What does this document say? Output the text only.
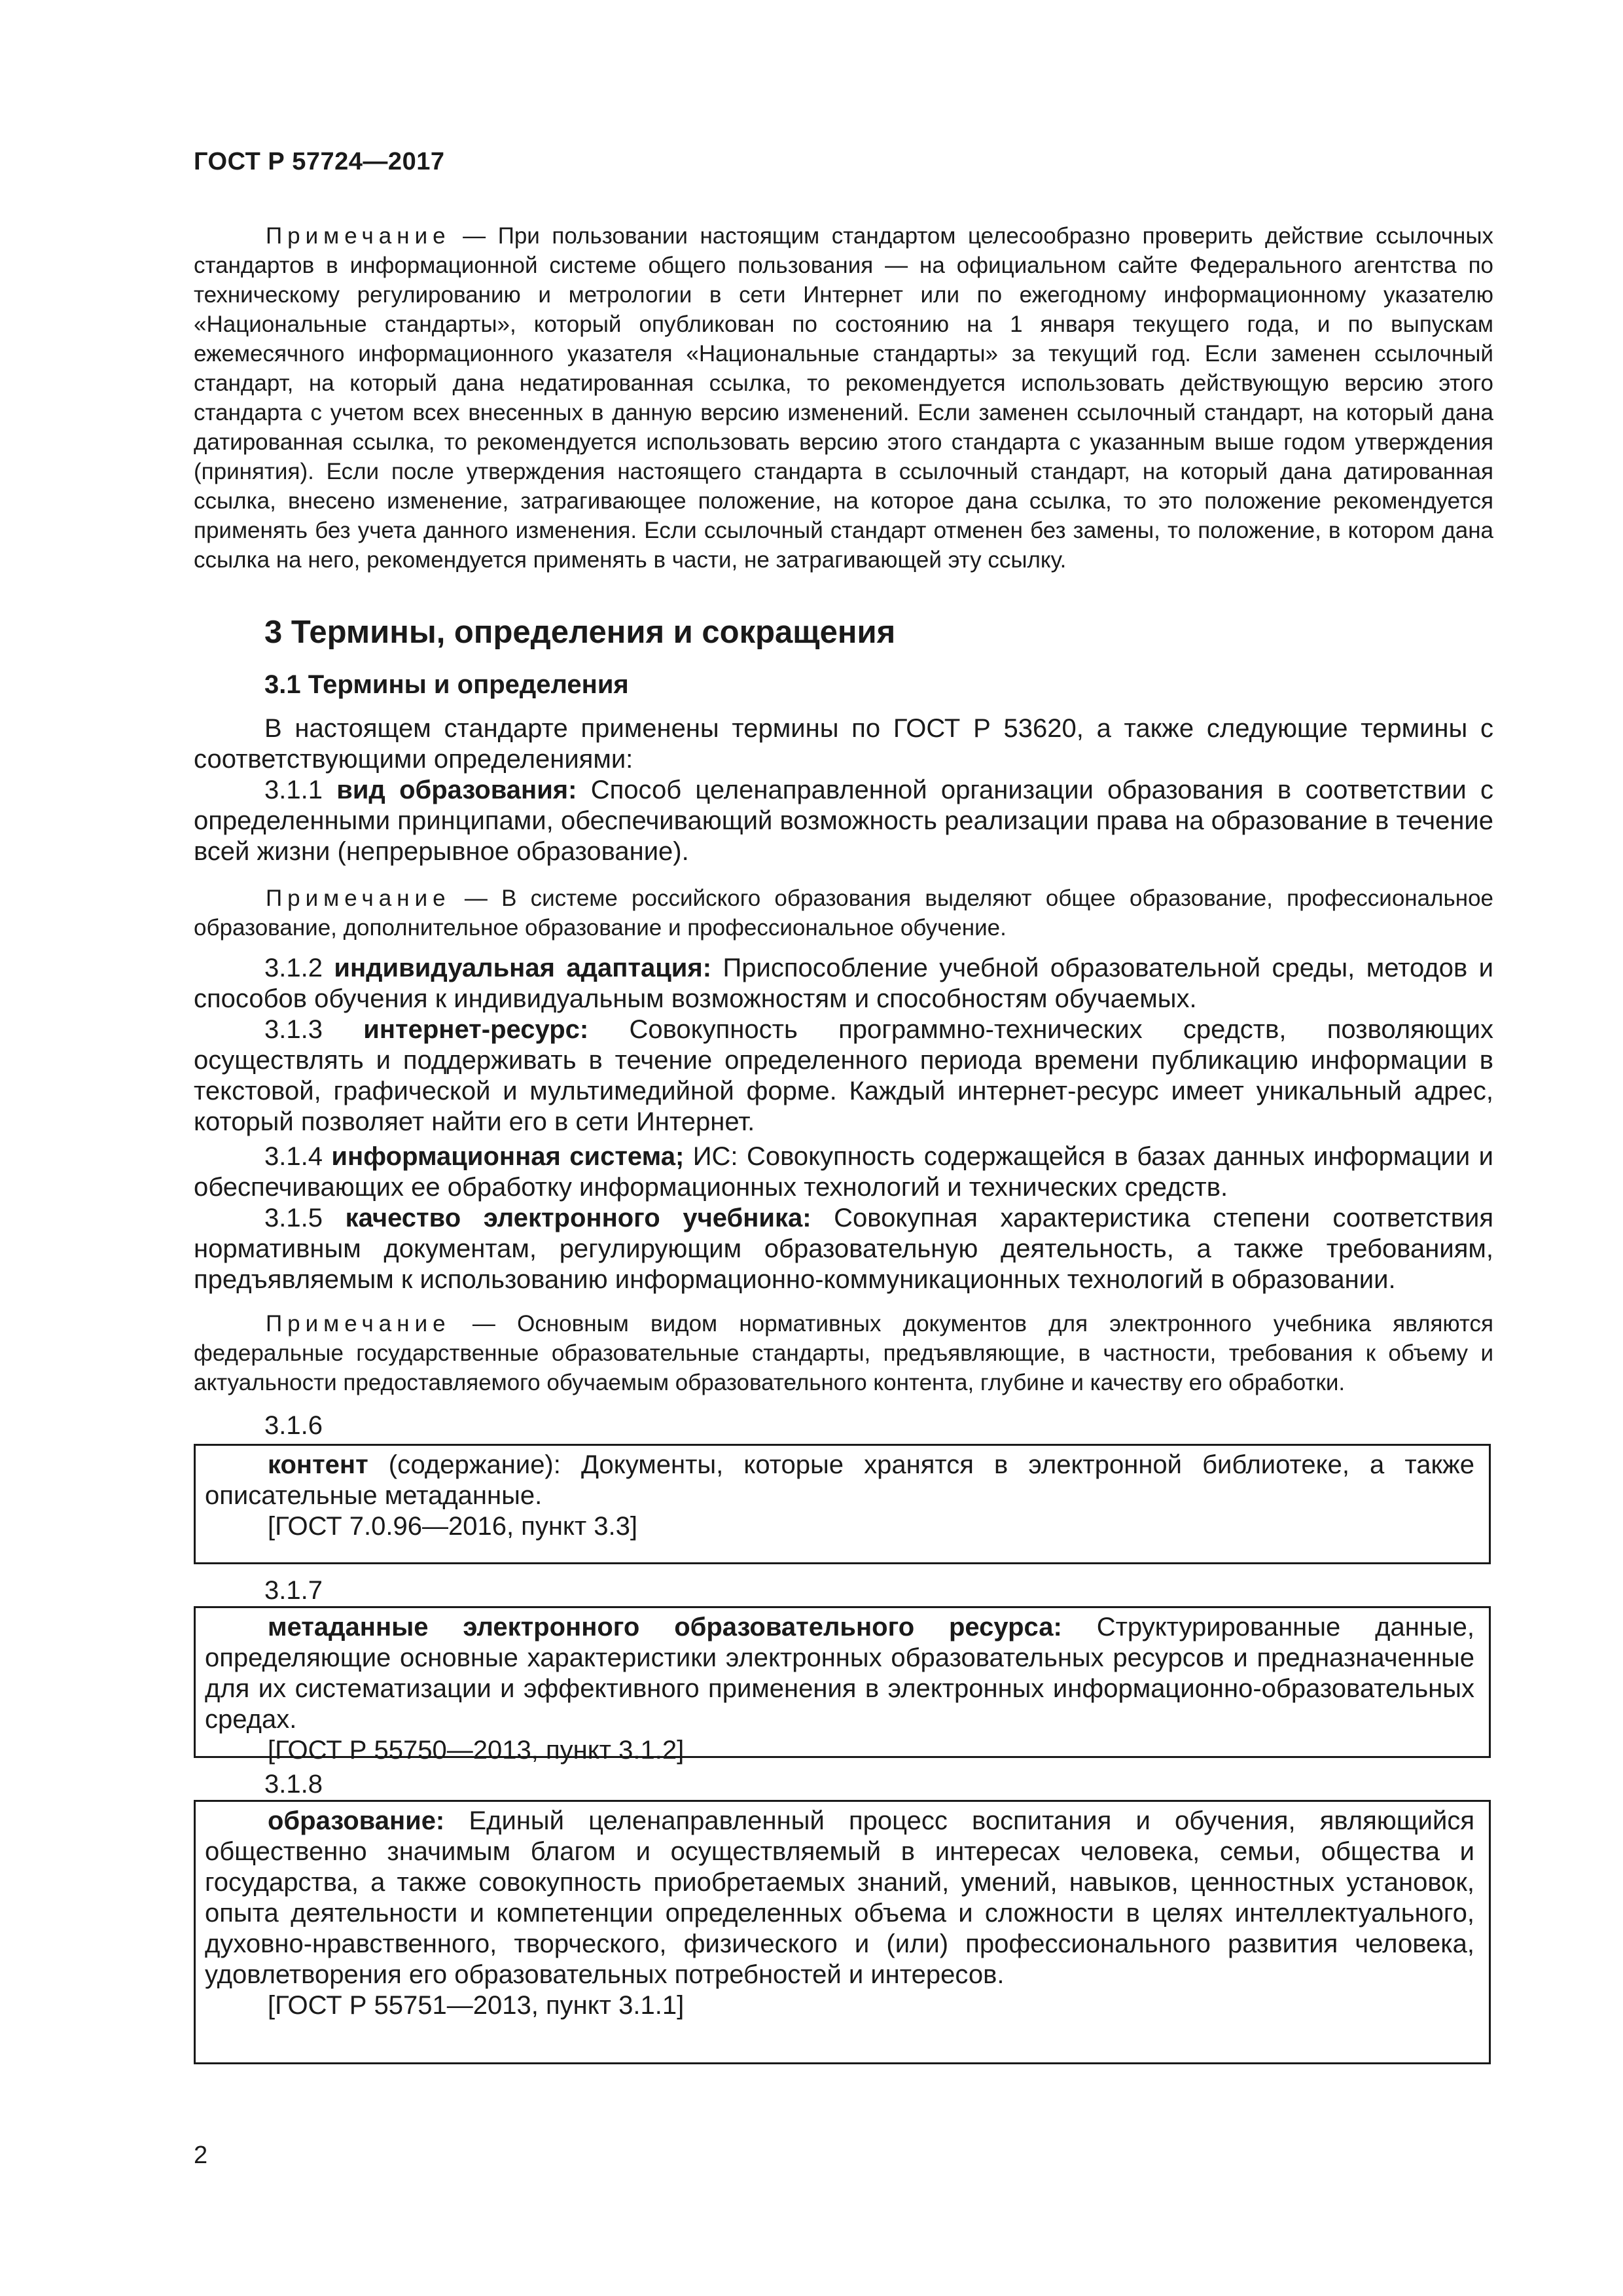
ГОСТ Р 57724—2017

Примечание — При пользовании настоящим стандартом целесообразно проверить действие ссылочных стандартов в информационной системе общего пользования — на официальном сайте Федерального агентства по техническому регулированию и метрологии в сети Интернет или по ежегодному информационному указателю «Национальные стандарты», который опубликован по состоянию на 1 января текущего года, и по выпускам ежемесячного информационного указателя «Национальные стандарты» за текущий год. Если заменен ссылочный стандарт, на который дана недатированная ссылка, то рекомендуется использовать действующую версию этого стандарта с учетом всех внесенных в данную версию изменений. Если заменен ссылочный стандарт, на который дана датированная ссылка, то рекомендуется использовать версию этого стандарта с указанным выше годом утверждения (принятия). Если после утверждения настоящего стандарта в ссылочный стандарт, на который дана датированная ссылка, внесено изменение, затрагивающее положение, на которое дана ссылка, то это положение рекомендуется применять без учета данного изменения. Если ссылочный стандарт отменен без замены, то положение, в котором дана ссылка на него, рекомендуется применять в части, не затрагивающей эту ссылку.

3 Термины, определения и сокращения
3.1 Термины и определения

В настоящем стандарте применены термины по ГОСТ Р 53620, а также следующие термины с соответствующими определениями:

3.1.1 вид образования: Способ целенаправленной организации образования в соответствии с определенными принципами, обеспечивающий возможность реализации права на образование в течение всей жизни (непрерывное образование).

Примечание — В системе российского образования выделяют общее образование, профессиональное образование, дополнительное образование и профессиональное обучение.

3.1.2 индивидуальная адаптация: Приспособление учебной образовательной среды, методов и способов обучения к индивидуальным возможностям и способностям обучаемых.

3.1.3 интернет-ресурс: Совокупность программно-технических средств, позволяющих осуществлять и поддерживать в течение определенного периода времени публикацию информации в текстовой, графической и мультимедийной форме. Каждый интернет-ресурс имеет уникальный адрес, который позволяет найти его в сети Интернет.

3.1.4 информационная система; ИС: Совокупность содержащейся в базах данных информации и обеспечивающих ее обработку информационных технологий и технических средств.

3.1.5 качество электронного учебника: Совокупная характеристика степени соответствия нормативным документам, регулирующим образовательную деятельность, а также требованиям, предъявляемым к использованию информационно-коммуникационных технологий в образовании.

Примечание — Основным видом нормативных документов для электронного учебника являются федеральные государственные образовательные стандарты, предъявляющие, в частности, требования к объему и актуальности предоставляемого обучаемым образовательного контента, глубине и качеству его обработки.

3.1.6

контент (содержание): Документы, которые хранятся в электронной библиотеке, а также описательные метаданные.

[ГОСТ 7.0.96—2016, пункт 3.3]

3.1.7

метаданные электронного образовательного ресурса: Структурированные данные, определяющие основные характеристики электронных образовательных ресурсов и предназначенные для их систематизации и эффективного применения в электронных информационно-образовательных средах.

[ГОСТ Р 55750—2013, пункт 3.1.2]

3.1.8

образование: Единый целенаправленный процесс воспитания и обучения, являющийся общественно значимым благом и осуществляемый в интересах человека, семьи, общества и государства, а также совокупность приобретаемых знаний, умений, навыков, ценностных установок, опыта деятельности и компетенции определенных объема и сложности в целях интеллектуального, духовно-нравственного, творческого, физического и (или) профессионального развития человека, удовлетворения его образовательных потребностей и интересов.

[ГОСТ Р 55751—2013, пункт 3.1.1]

2
